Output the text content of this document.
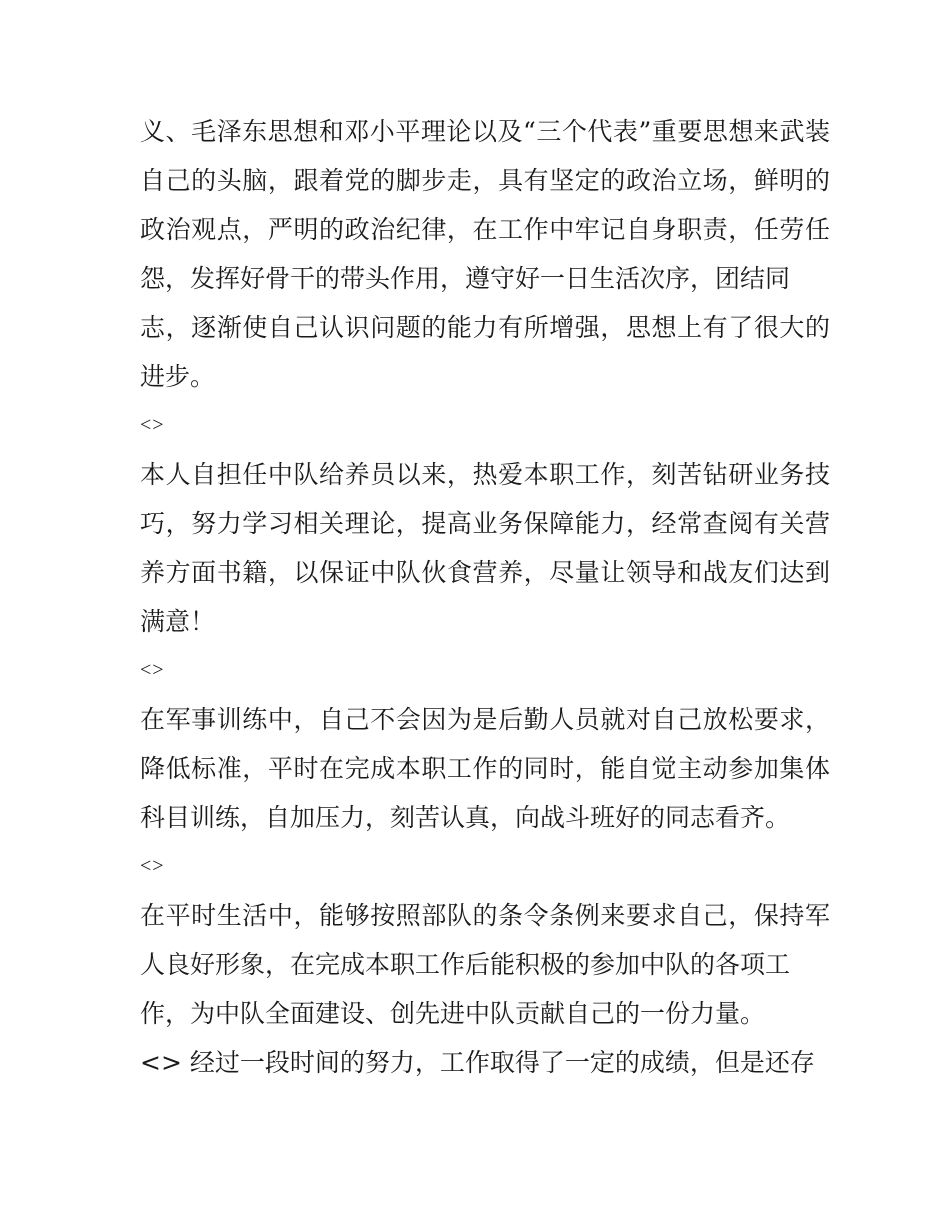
义、毛泽东思想和邓小平理论以及“三个代表”重要思想来武装
自己的头脑，跟着党的脚步走，具有坚定的政治立场，鲜明的
政治观点，严明的政治纪律，在工作中牢记自身职责，任劳任
怨，发挥好骨干的带头作用，遵守好一日生活次序，团结同
志，逐渐使自己认识问题的能力有所增强，思想上有了很大的
进步。
<>
本人自担任中队给养员以来，热爱本职工作，刻苦钻研业务技
巧，努力学习相关理论，提高业务保障能力，经常查阅有关营
养方面书籍，以保证中队伙食营养，尽量让领导和战友们达到
满意！
<>
在军事训练中，自己不会因为是后勤人员就对自己放松要求，
降低标准，平时在完成本职工作的同时，能自觉主动参加集体
科目训练，自加压力，刻苦认真，向战斗班好的同志看齐。
<>
在平时生活中，能够按照部队的条令条例来要求自己，保持军
人良好形象，在完成本职工作后能积极的参加中队的各项工
作，为中队全面建设、创先进中队贡献自己的一份力量。
<> 经过一段时间的努力，工作取得了一定的成绩，但是还存
